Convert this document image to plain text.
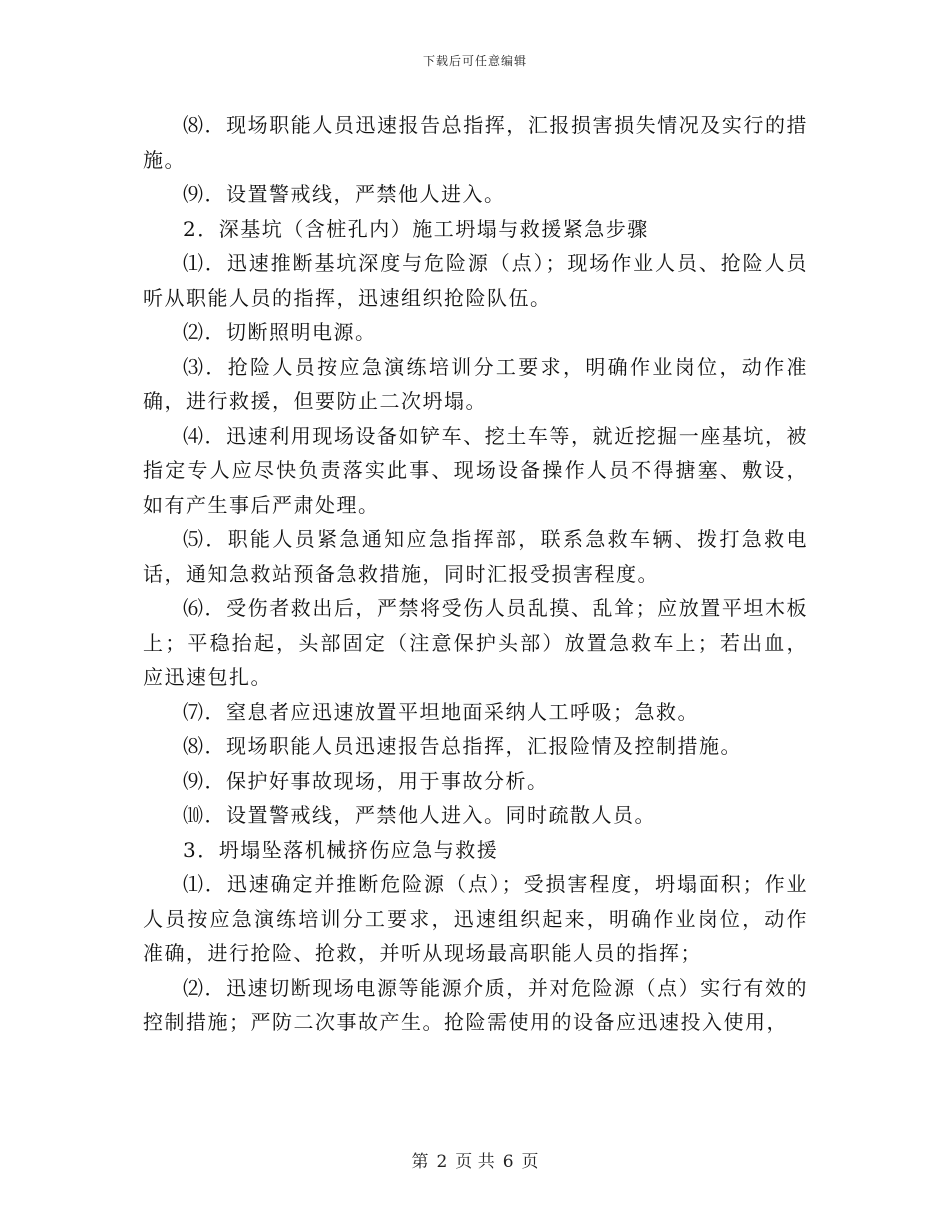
下载后可任意编辑

⑻．现场职能人员迅速报告总指挥，汇报损害损失情况及实行的措施。

⑼．设置警戒线，严禁他人进入。

2．深基坑（含桩孔内）施工坍塌与救援紧急步骤

⑴．迅速推断基坑深度与危险源（点）；现场作业人员、抢险人员听从职能人员的指挥，迅速组织抢险队伍。

⑵．切断照明电源。

⑶．抢险人员按应急演练培训分工要求，明确作业岗位，动作准确，进行救援，但要防止二次坍塌。

⑷．迅速利用现场设备如铲车、挖土车等，就近挖掘一座基坑，被指定专人应尽快负责落实此事、现场设备操作人员不得搪塞、敷设，如有产生事后严肃处理。

⑸．职能人员紧急通知应急指挥部，联系急救车辆、拨打急救电话，通知急救站预备急救措施，同时汇报受损害程度。

⑹．受伤者救出后，严禁将受伤人员乱摸、乱耸；应放置平坦木板上；平稳抬起，头部固定（注意保护头部）放置急救车上；若出血，应迅速包扎。

⑺．窒息者应迅速放置平坦地面采纳人工呼吸；急救。

⑻．现场职能人员迅速报告总指挥，汇报险情及控制措施。

⑼．保护好事故现场，用于事故分析。

⑽．设置警戒线，严禁他人进入。同时疏散人员。

3．坍塌坠落机械挤伤应急与救援

⑴．迅速确定并推断危险源（点）；受损害程度，坍塌面积；作业人员按应急演练培训分工要求，迅速组织起来，明确作业岗位，动作准确，进行抢险、抢救，并听从现场最高职能人员的指挥；

⑵．迅速切断现场电源等能源介质，并对危险源（点）实行有效的控制措施；严防二次事故产生。抢险需使用的设备应迅速投入使用，

第 2 页 共 6 页
